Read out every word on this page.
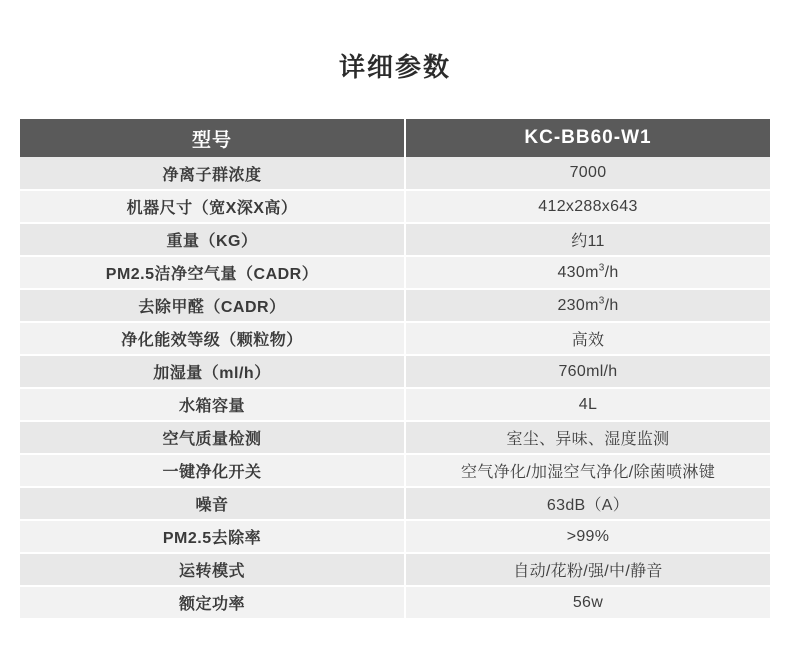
详细参数
型号	KC-BB60-W1
净离子群浓度	7000
机器尺寸（宽X深X高）	412x288x643
重量（KG）	约11
PM2.5洁净空气量（CADR）	$430m^3/h$
去除甲醛（CADR）	$230m^3/h$
净化能效等级（颗粒物）	高效
加湿量（ml/h）	760ml/h
水箱容量	4L
空气质量检测	室尘、异味、湿度监测
一键净化开关	空气净化/加湿空气净化/除菌喷淋键
噪音	63dB（A）
PM2.5去除率	>99%
运转模式	自动/花粉/强/中/静音
额定功率	56w
